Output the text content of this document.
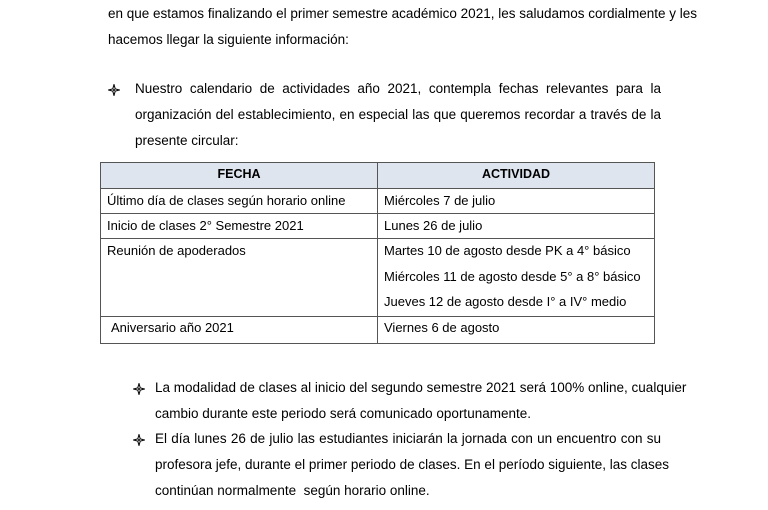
en que estamos finalizando el primer semestre académico 2021, les saludamos cordialmente y les
hacemos llegar la siguiente información:
Nuestro calendario de actividades año 2021, contempla fechas relevantes para la
organización del establecimiento, en especial las que queremos recordar a través de la
presente circular:
FECHA	ACTIVIDAD
Último día de clases según horario online	Miércoles 7 de julio
Inicio de clases 2° Semestre 2021	Lunes 26 de julio
Reunión de apoderados	Martes 10 de agosto desde PK a 4° básico
Miércoles 11 de agosto desde 5° a 8° básico
Jueves 12 de agosto desde I° a IV° medio
Aniversario año 2021	Viernes 6 de agosto
La modalidad de clases al inicio del segundo semestre 2021 será 100% online, cualquier
cambio durante este periodo será comunicado oportunamente.
El día lunes 26 de julio las estudiantes iniciarán la jornada con un encuentro con su
profesora jefe, durante el primer periodo de clases. En el período siguiente, las clases
continúan normalmente  según horario online.
